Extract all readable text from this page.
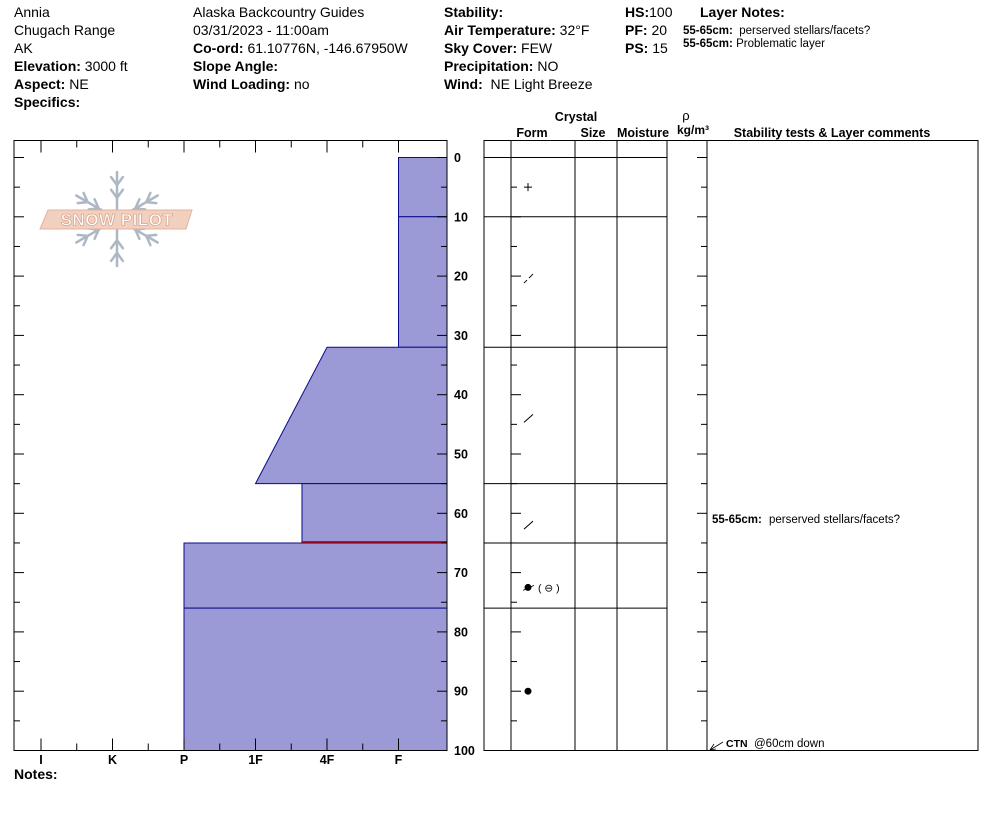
Annia
Chugach Range
AK
Elevation: 3000 ft
Aspect: NE
Specifics:
Alaska Backcountry Guides
03/31/2023 - 11:00am
Co-ord: 61.10776N, -146.67950W
Slope Angle:
Wind Loading: no
Stability:
Air Temperature: 32°F
Sky Cover: FEW
Precipitation: NO
Wind: NE Light Breeze
HS:100
PF: 20
PS: 15
Layer Notes:
55-65cm: perserved stellars/facets?
55-65cm: Problematic layer
SNOW PILOT
F
4F
1F
P
K
I
0
10
20
30
40
50
60
70
80
90
100
Crystal
Form	Size Moisture
ρ
kg/m³ Stability tests & Layer comments
( ⊖ )
55-65cm: perserved stellars/facets?
CTN @60cm down
Notes:
